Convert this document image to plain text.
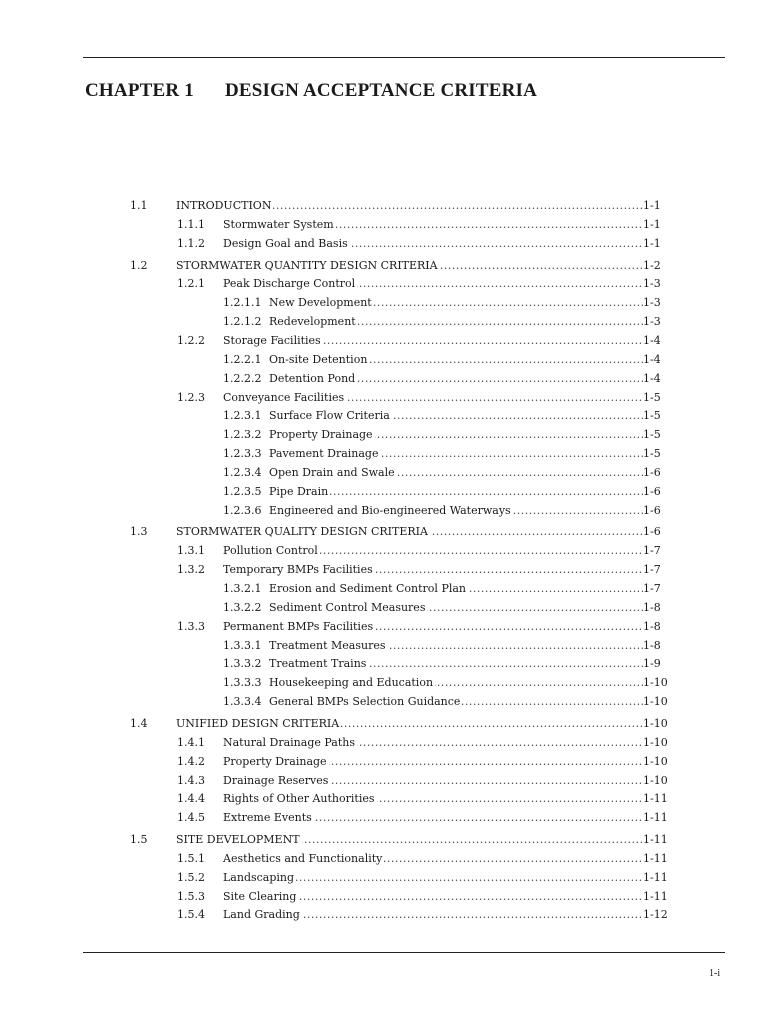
CHAPTER 1 DESIGN ACCEPTANCE CRITERIA
1.1	INTRODUCTION .....	1-1
1.1.1 Stormwater System .....	1-1
1.1.2 Design Goal and Basis .....	1-1
1.2	STORMWATER QUANTITY DESIGN CRITERIA .....	1-2
1.2.1 Peak Discharge Control .....	1-3
1.2.1.1 New Development .....	1-3
1.2.1.2 Redevelopment .....	1-3
1.2.2 Storage Facilities .....	1-4
1.2.2.1 On-site Detention .....	1-4
1.2.2.2 Detention Pond .....	1-4
1.2.3 Conveyance Facilities .....	1-5
1.2.3.1 Surface Flow Criteria .....	1-5
1.2.3.2 Property Drainage .....	1-5
1.2.3.3 Pavement Drainage .....	1-5
1.2.3.4 Open Drain and Swale .....	1-6
1.2.3.5 Pipe Drain .....	1-6
1.2.3.6 Engineered and Bio-engineered Waterways .....	1-6
1.3	STORMWATER QUALITY DESIGN CRITERIA .....	1-6
1.3.1 Pollution Control .....	1-7
1.3.2 Temporary BMPs Facilities .....	1-7
1.3.2.1 Erosion and Sediment Control Plan .....	1-7
1.3.2.2 Sediment Control Measures .....	1-8
1.3.3 Permanent BMPs Facilities .....	1-8
1.3.3.1 Treatment Measures .....	1-8
1.3.3.2 Treatment Trains .....	1-9
1.3.3.3 Housekeeping and Education .....	1-10
1.3.3.4 General BMPs Selection Guidance .....	1-10
1.4	UNIFIED DESIGN CRITERIA .....	1-10
1.4.1 Natural Drainage Paths .....	1-10
1.4.2 Property Drainage .....	1-10
1.4.3 Drainage Reserves .....	1-10
1.4.4 Rights of Other Authorities .....	1-11
1.4.5 Extreme Events .....	1-11
1.5	SITE DEVELOPMENT .....	1-11
1.5.1 Aesthetics and Functionality .....	1-11
1.5.2 Landscaping .....	1-11
1.5.3 Site Clearing .....	1-11
1.5.4 Land Grading .....	1-12
1-i
